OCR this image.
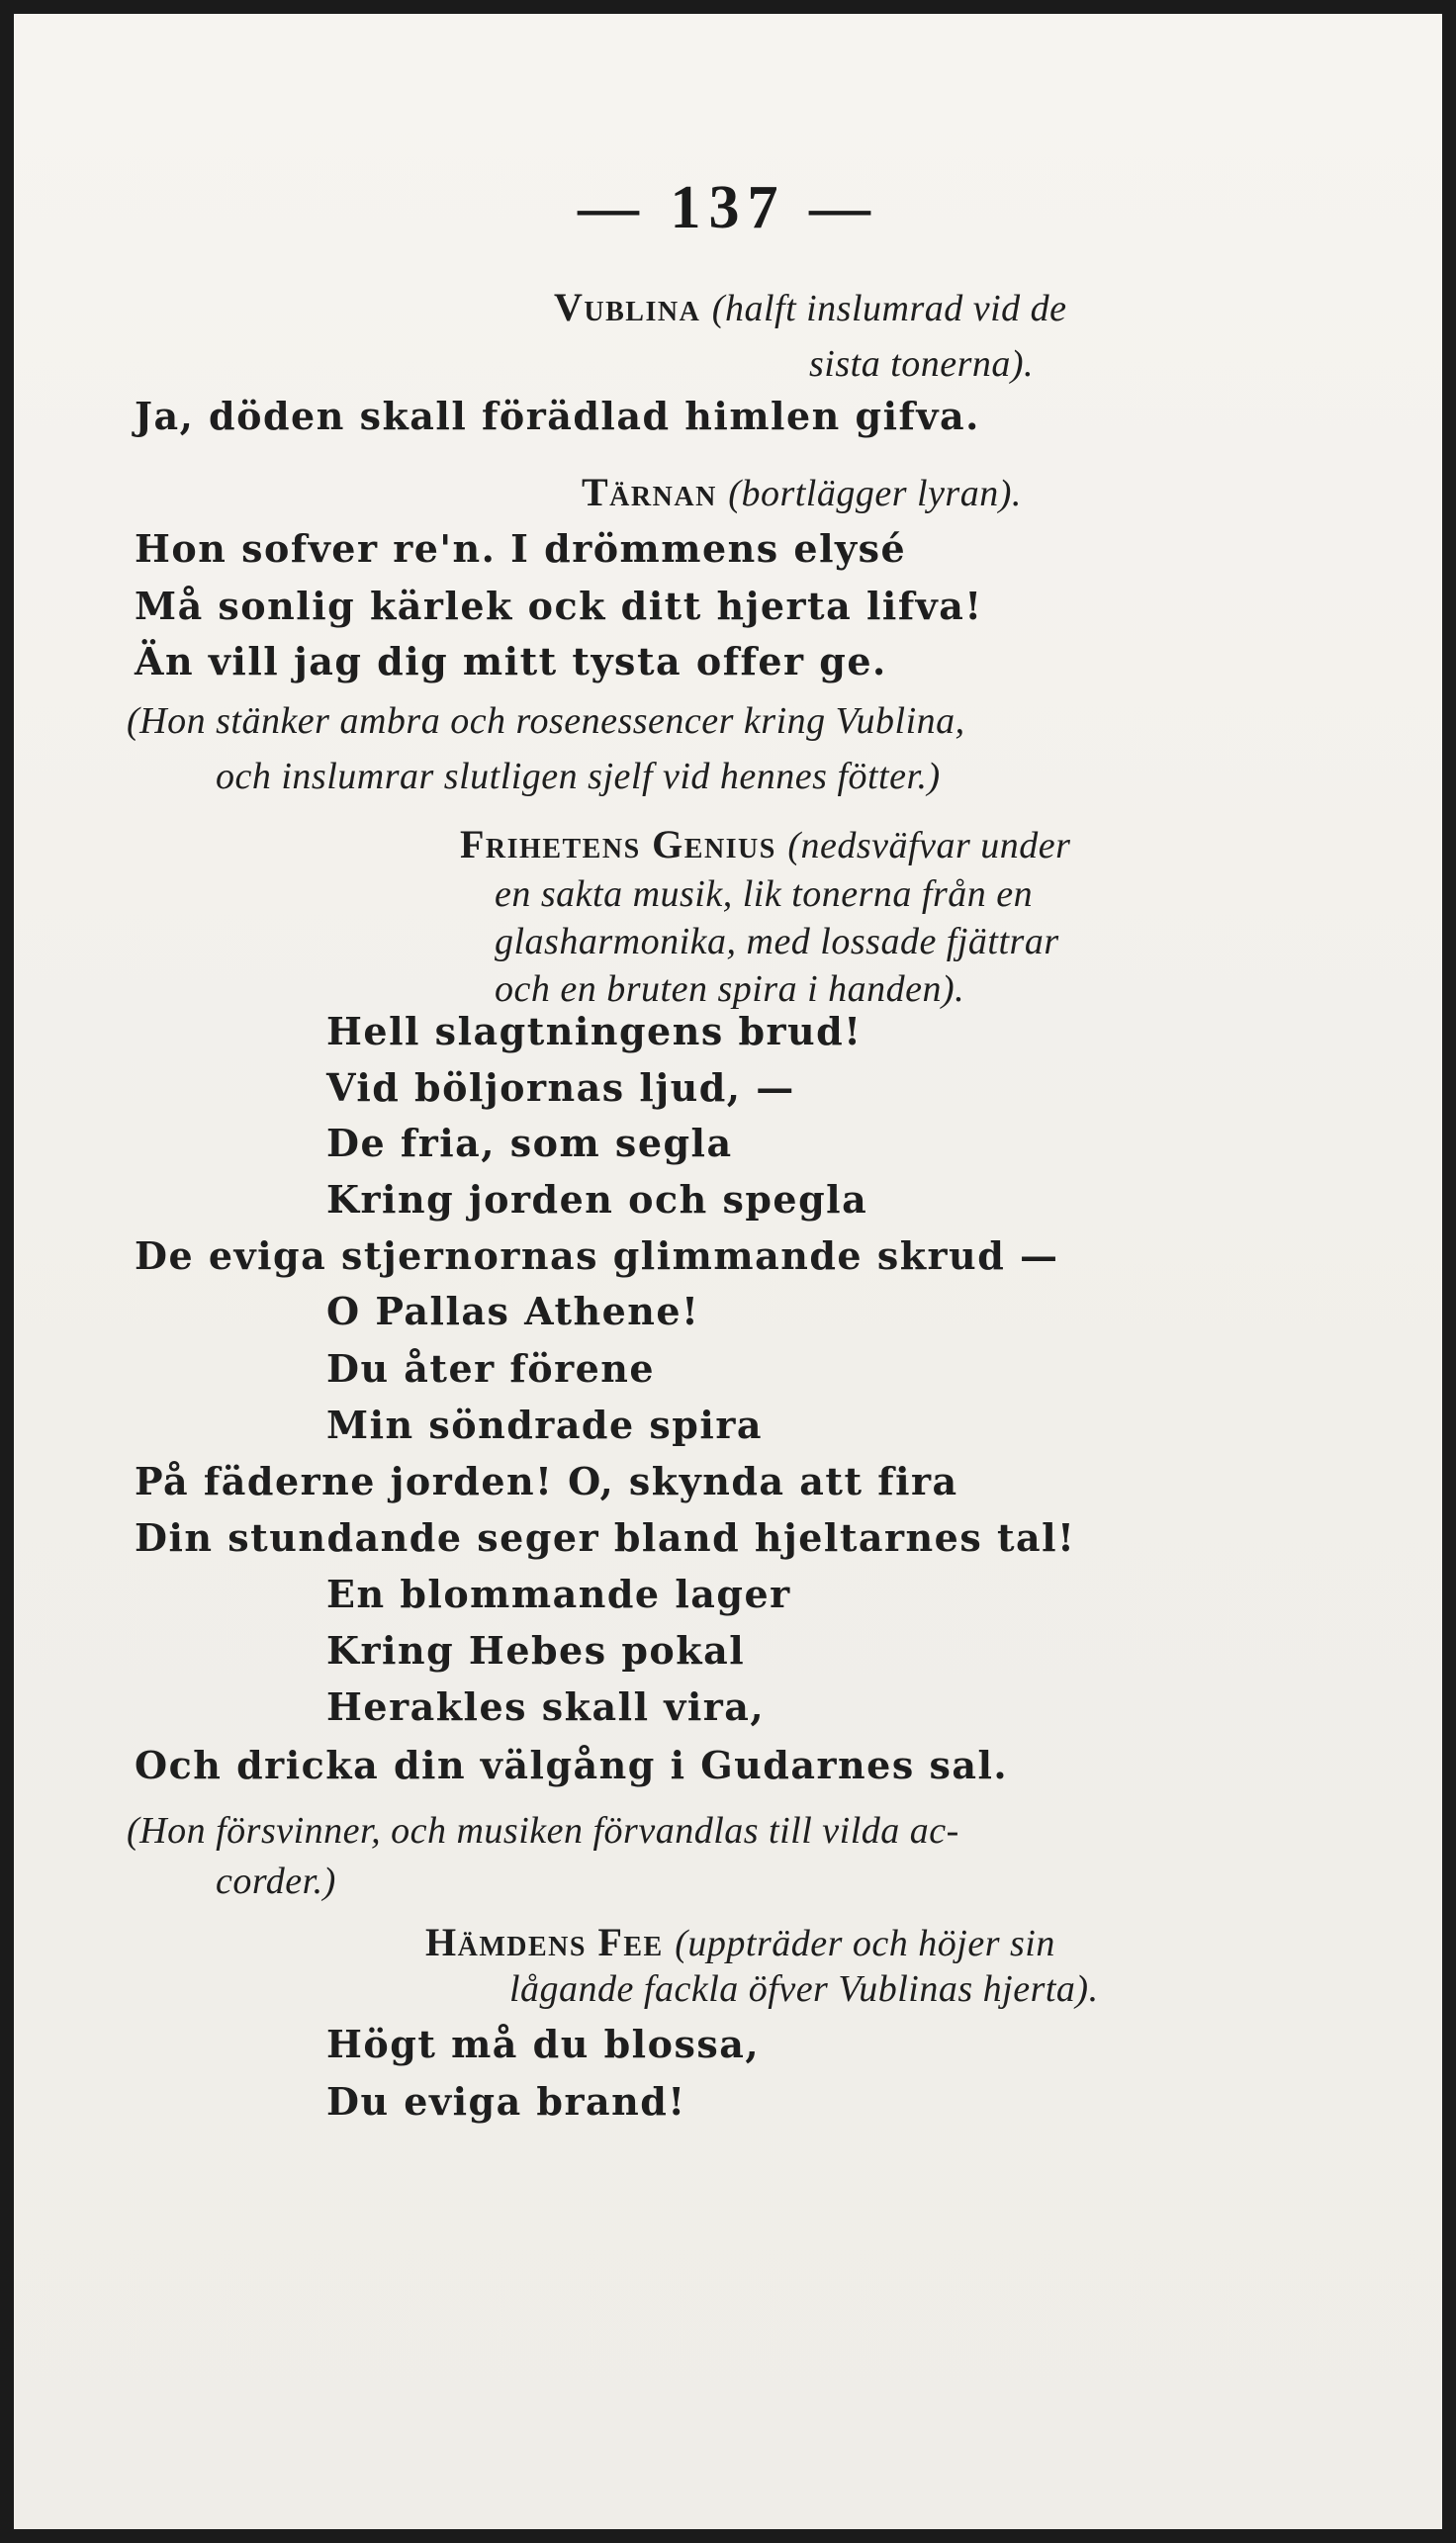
— 137 —
Vublina (halft inslumrad vid de
sista tonerna).
Ja, döden skall förädlad himlen gifva.
Tärnan (bortlägger lyran).
Hon sofver re'n. I drömmens elysé
Må sonlig kärlek ock ditt hjerta lifva!
Än vill jag dig mitt tysta offer ge.
(Hon stänker ambra och rosenessencer kring Vublina,
och inslumrar slutligen sjelf vid hennes fötter.)
Frihetens Genius (nedsväfvar under
en sakta musik, lik tonerna från en
glasharmonika, med lossade fjättrar
och en bruten spira i handen).
Hell slagtningens brud!
Vid böljornas ljud, —
De fria, som segla
Kring jorden och spegla
De eviga stjernornas glimmande skrud —
O Pallas Athene!
Du åter förene
Min söndrade spira
På fäderne jorden! O, skynda att fira
Din stundande seger bland hjeltarnes tal!
En blommande lager
Kring Hebes pokal
Herakles skall vira,
Och dricka din välgång i Gudarnes sal.
(Hon försvinner, och musiken förvandlas till vilda ac-
corder.)
Hämdens Fee (uppträder och höjer sin
lågande fackla öfver Vublinas hjerta).
Högt må du blossa,
Du eviga brand!
